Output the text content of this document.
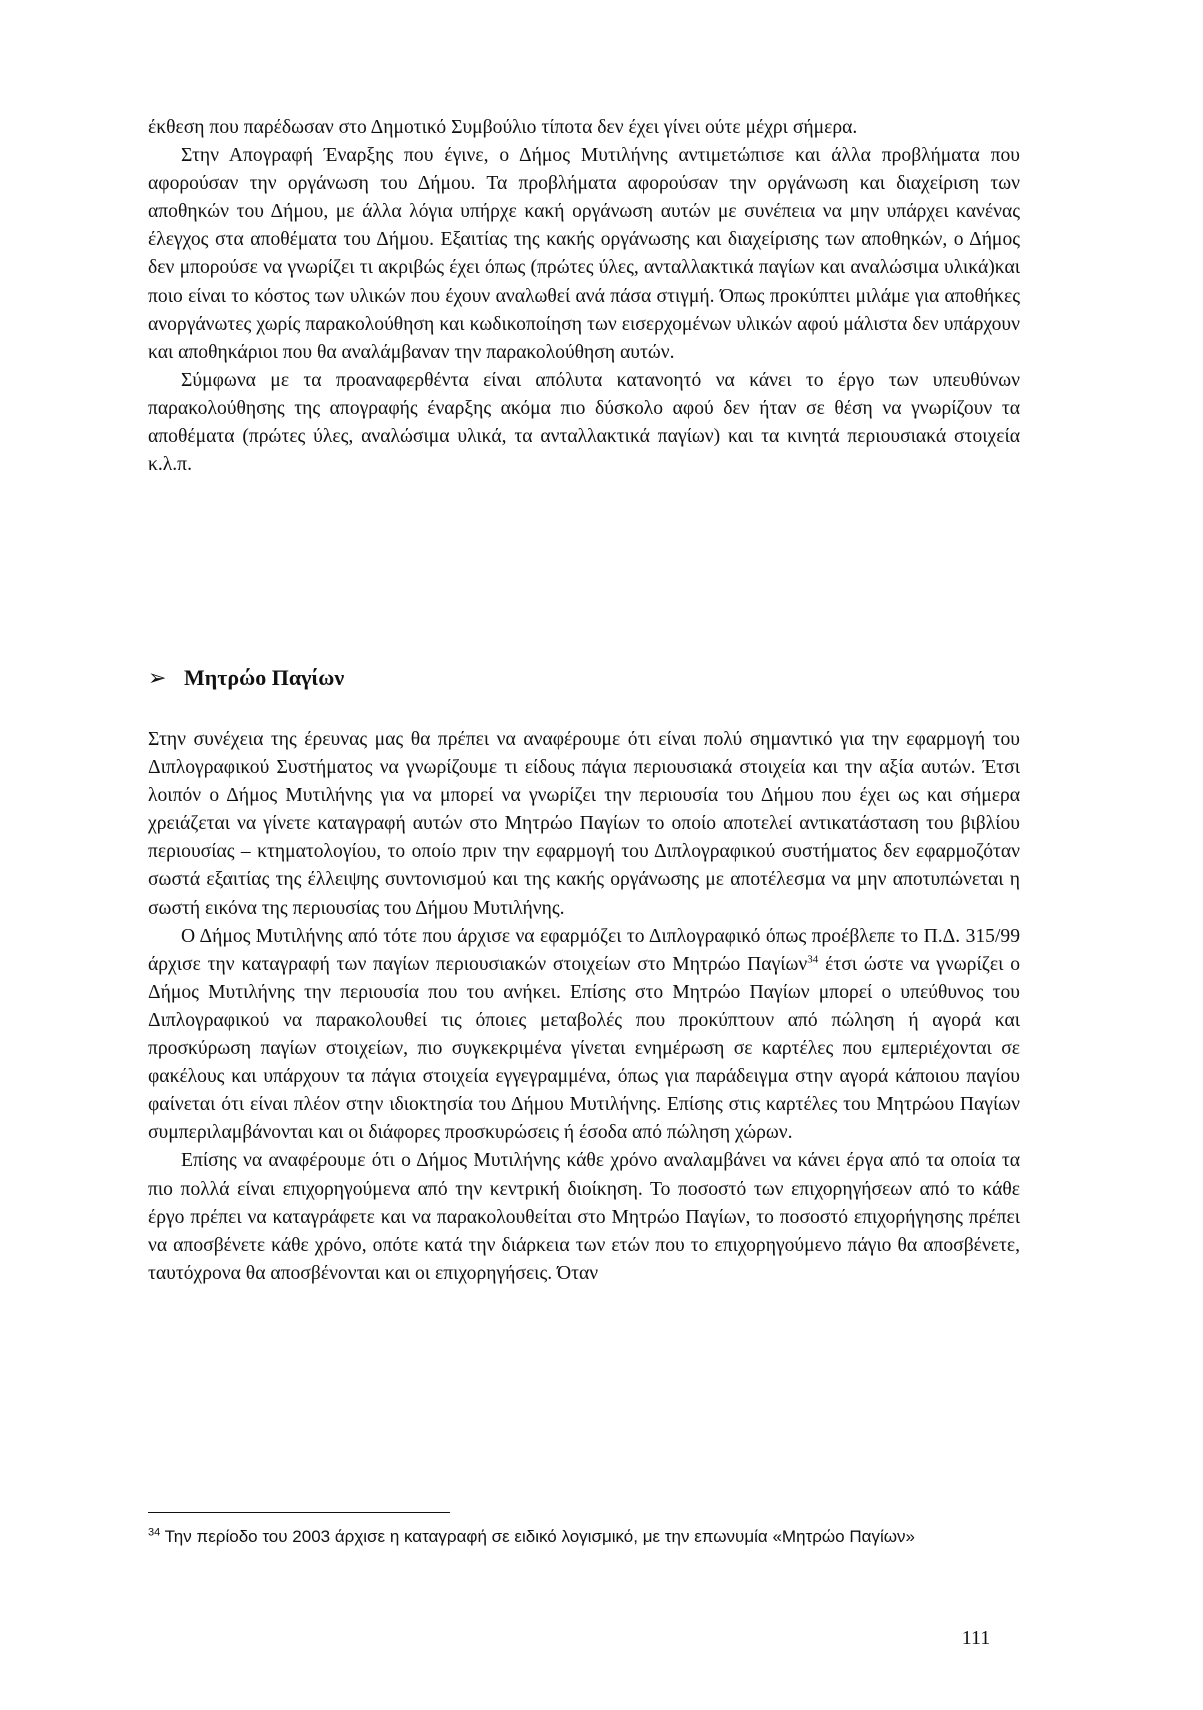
έκθεση που παρέδωσαν στο Δημοτικό Συμβούλιο τίποτα δεν έχει γίνει ούτε μέχρι σήμερα.

Στην Απογραφή Έναρξης που έγινε, ο Δήμος Μυτιλήνης αντιμετώπισε και άλλα προβλήματα που αφορούσαν την οργάνωση του Δήμου. Τα προβλήματα αφορούσαν την οργάνωση και διαχείριση των αποθηκών του Δήμου, με άλλα λόγια υπήρχε κακή οργάνωση αυτών με συνέπεια να μην υπάρχει κανένας έλεγχος στα αποθέματα του Δήμου. Εξαιτίας της κακής οργάνωσης και διαχείρισης των αποθηκών, ο Δήμος δεν μπορούσε να γνωρίζει τι ακριβώς έχει όπως (πρώτες ύλες, ανταλλακτικά παγίων και αναλώσιμα υλικά)και ποιο είναι το κόστος των υλικών που έχουν αναλωθεί ανά πάσα στιγμή. Όπως προκύπτει μιλάμε για αποθήκες ανοργάνωτες χωρίς παρακολούθηση και κωδικοποίηση των εισερχομένων υλικών αφού μάλιστα δεν υπάρχουν και αποθηκάριοι που θα αναλάμβαναν την παρακολούθηση αυτών.

Σύμφωνα με τα προαναφερθέντα είναι απόλυτα κατανοητό να κάνει το έργο των υπευθύνων παρακολούθησης της απογραφής έναρξης ακόμα πιο δύσκολο αφού δεν ήταν σε θέση να γνωρίζουν τα αποθέματα (πρώτες ύλες, αναλώσιμα υλικά, τα ανταλλακτικά παγίων) και τα κινητά περιουσιακά στοιχεία κ.λ.π.

➢ Μητρώο Παγίων

Στην συνέχεια της έρευνας μας θα πρέπει να αναφέρουμε ότι είναι πολύ σημαντικό για την εφαρμογή του Διπλογραφικού Συστήματος να γνωρίζουμε τι είδους πάγια περιουσιακά στοιχεία και την αξία αυτών. Έτσι λοιπόν ο Δήμος Μυτιλήνης για να μπορεί να γνωρίζει την περιουσία του Δήμου που έχει ως και σήμερα χρειάζεται να γίνετε καταγραφή αυτών στο Μητρώο Παγίων το οποίο αποτελεί αντικατάσταση του βιβλίου περιουσίας – κτηματολογίου, το οποίο πριν την εφαρμογή του Διπλογραφικού συστήματος δεν εφαρμοζόταν σωστά εξαιτίας της έλλειψης συντονισμού και της κακής οργάνωσης με αποτέλεσμα να μην αποτυπώνεται η σωστή εικόνα της περιουσίας του Δήμου Μυτιλήνης.

Ο Δήμος Μυτιλήνης από τότε που άρχισε να εφαρμόζει το Διπλογραφικό όπως προέβλεπε το Π.Δ. 315/99 άρχισε την καταγραφή των παγίων περιουσιακών στοιχείων στο Μητρώο Παγίων$^{34}$ έτσι ώστε να γνωρίζει ο Δήμος Μυτιλήνης την περιουσία που του ανήκει. Επίσης στο Μητρώο Παγίων μπορεί ο υπεύθυνος του Διπλογραφικού να παρακολουθεί τις όποιες μεταβολές που προκύπτουν από πώληση ή αγορά και προσκύρωση παγίων στοιχείων, πιο συγκεκριμένα γίνεται ενημέρωση σε καρτέλες που εμπεριέχονται σε φακέλους και υπάρχουν τα πάγια στοιχεία εγγεγραμμένα, όπως για παράδειγμα στην αγορά κάποιου παγίου φαίνεται ότι είναι πλέον στην ιδιοκτησία του Δήμου Μυτιλήνης. Επίσης στις καρτέλες του Μητρώου Παγίων συμπεριλαμβάνονται και οι διάφορες προσκυρώσεις ή έσοδα από πώληση χώρων.

Επίσης να αναφέρουμε ότι ο Δήμος Μυτιλήνης κάθε χρόνο αναλαμβάνει να κάνει έργα από τα οποία τα πιο πολλά είναι επιχορηγούμενα από την κεντρική διοίκηση. Το ποσοστό των επιχορηγήσεων από το κάθε έργο πρέπει να καταγράφετε και να παρακολουθείται στο Μητρώο Παγίων, το ποσοστό επιχορήγησης πρέπει να αποσβένετε κάθε χρόνο, οπότε κατά την διάρκεια των ετών που το επιχορηγούμενο πάγιο θα αποσβένετε, ταυτόχρονα θα αποσβένονται και οι επιχορηγήσεις. Όταν

$^{34}$ Την περίοδο του 2003 άρχισε η καταγραφή σε ειδικό λογισμικό, με την επωνυμία «Μητρώο Παγίων»

111
